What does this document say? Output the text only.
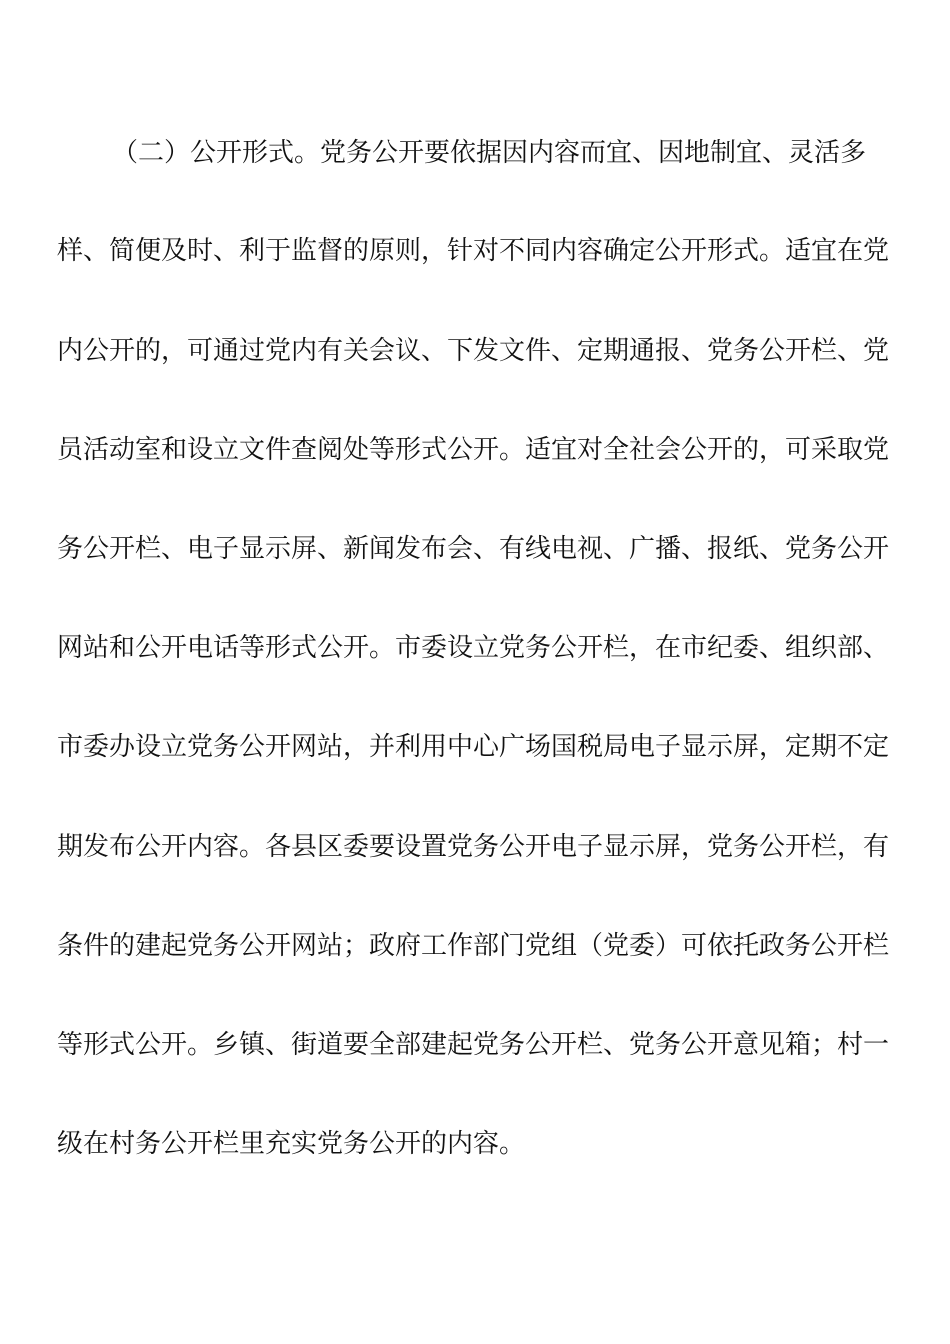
（二）公开形式。党务公开要依据因内容而宜、因地制宜、灵活多
样、简便及时、利于监督的原则，针对不同内容确定公开形式。适宜在党
内公开的，可通过党内有关会议、下发文件、定期通报、党务公开栏、党
员活动室和设立文件查阅处等形式公开。适宜对全社会公开的，可采取党
务公开栏、电子显示屏、新闻发布会、有线电视、广播、报纸、党务公开
网站和公开电话等形式公开。市委设立党务公开栏，在市纪委、组织部、
市委办设立党务公开网站，并利用中心广场国税局电子显示屏，定期不定
期发布公开内容。各县区委要设置党务公开电子显示屏，党务公开栏，有
条件的建起党务公开网站；政府工作部门党组（党委）可依托政务公开栏
等形式公开。乡镇、街道要全部建起党务公开栏、党务公开意见箱；村一
级在村务公开栏里充实党务公开的内容。
